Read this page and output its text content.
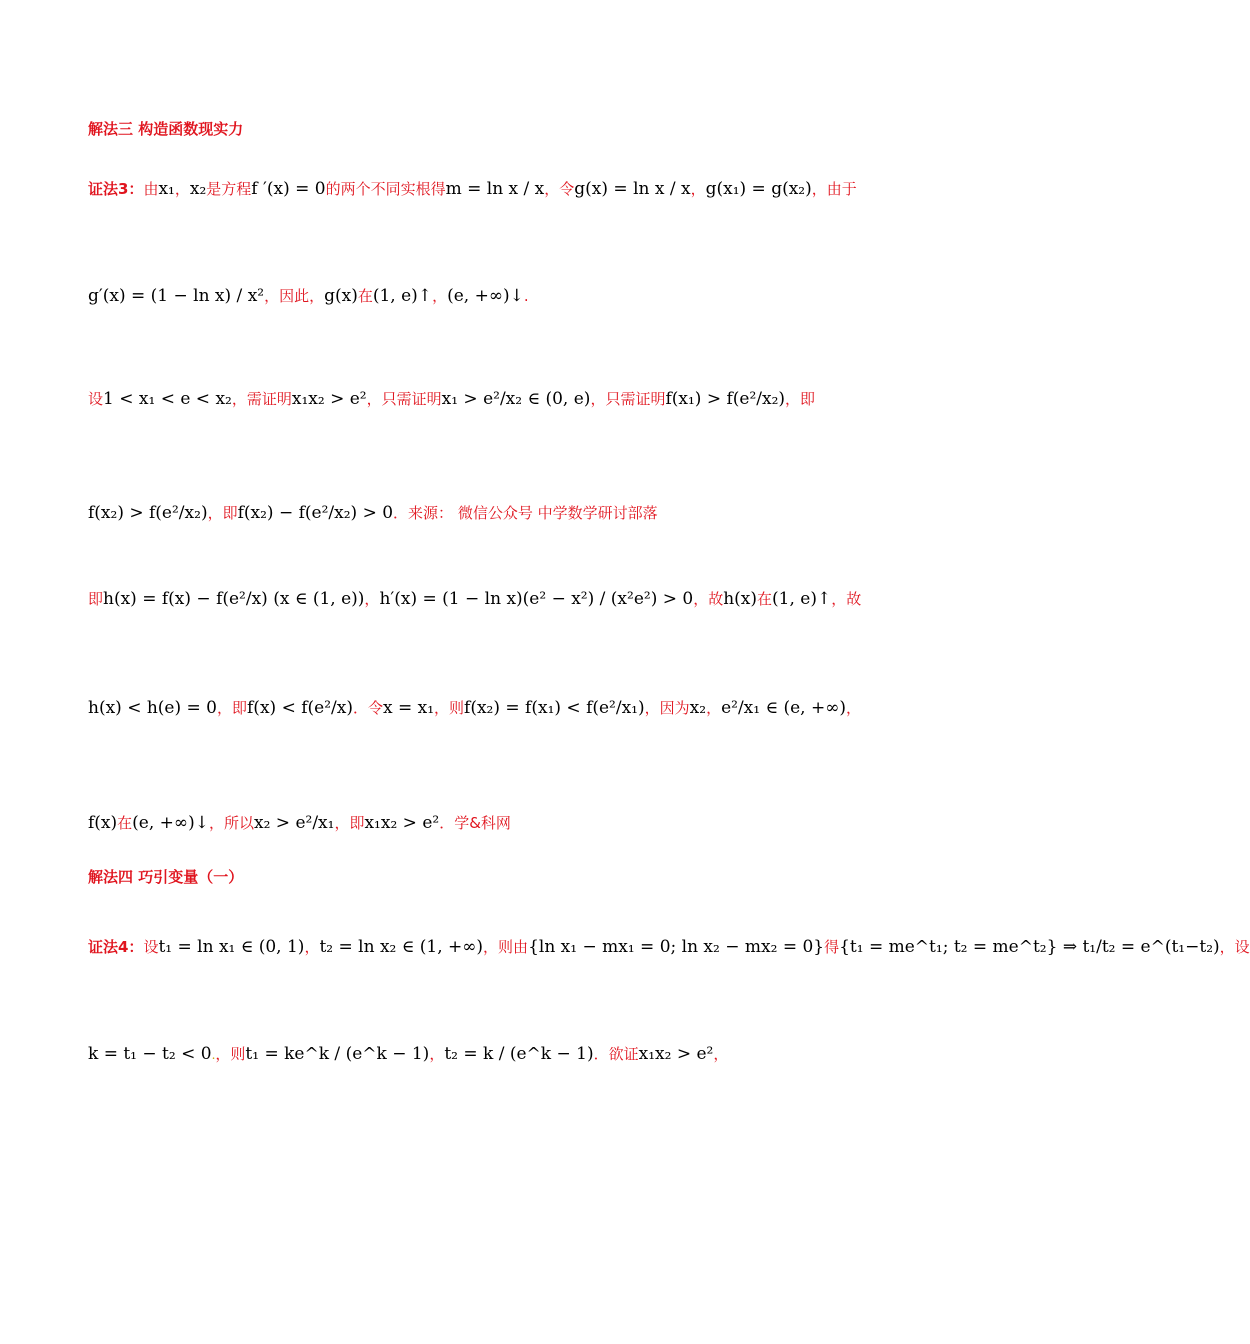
解法三 构造函数现实力
证法3：由x₁，x₂是方程f ′(x) = 0的两个不同实根得m = ln x / x，令g(x) = ln x / x，g(x₁) = g(x₂)，由于
g′(x) = (1 − ln x) / x²，因此，g(x)在(1, e)↑，(e, +∞)↓.
设1 < x₁ < e < x₂，需证明x₁x₂ > e²，只需证明x₁ > e²/x₂ ∈ (0, e)，只需证明f(x₁) > f(e²/x₂)，即
f(x₂) > f(e²/x₂)，即f(x₂) − f(e²/x₂) > 0．来源： 微信公众号 中学数学研讨部落
即h(x) = f(x) − f(e²/x) (x ∈ (1, e))，h′(x) = (1 − ln x)(e² − x²) / (x²e²) > 0，故h(x)在(1, e)↑，故
h(x) < h(e) = 0，即f(x) < f(e²/x)．令x = x₁，则f(x₂) = f(x₁) < f(e²/x₁)，因为x₂，e²/x₁ ∈ (e, +∞)，
f(x)在(e, +∞)↓，所以x₂ > e²/x₁，即x₁x₂ > e²．学&科网
解法四 巧引变量（一）
证法4：设t₁ = ln x₁ ∈ (0, 1)，t₂ = ln x₂ ∈ (1, +∞)，则由{ln x₁ − mx₁ = 0; ln x₂ − mx₂ = 0}得{t₁ = me^t₁; t₂ = me^t₂} ⇒ t₁/t₂ = e^(t₁−t₂)，设
k = t₁ − t₂ < 0.，则t₁ = ke^k / (e^k − 1)，t₂ = k / (e^k − 1)．欲证x₁x₂ > e²，
